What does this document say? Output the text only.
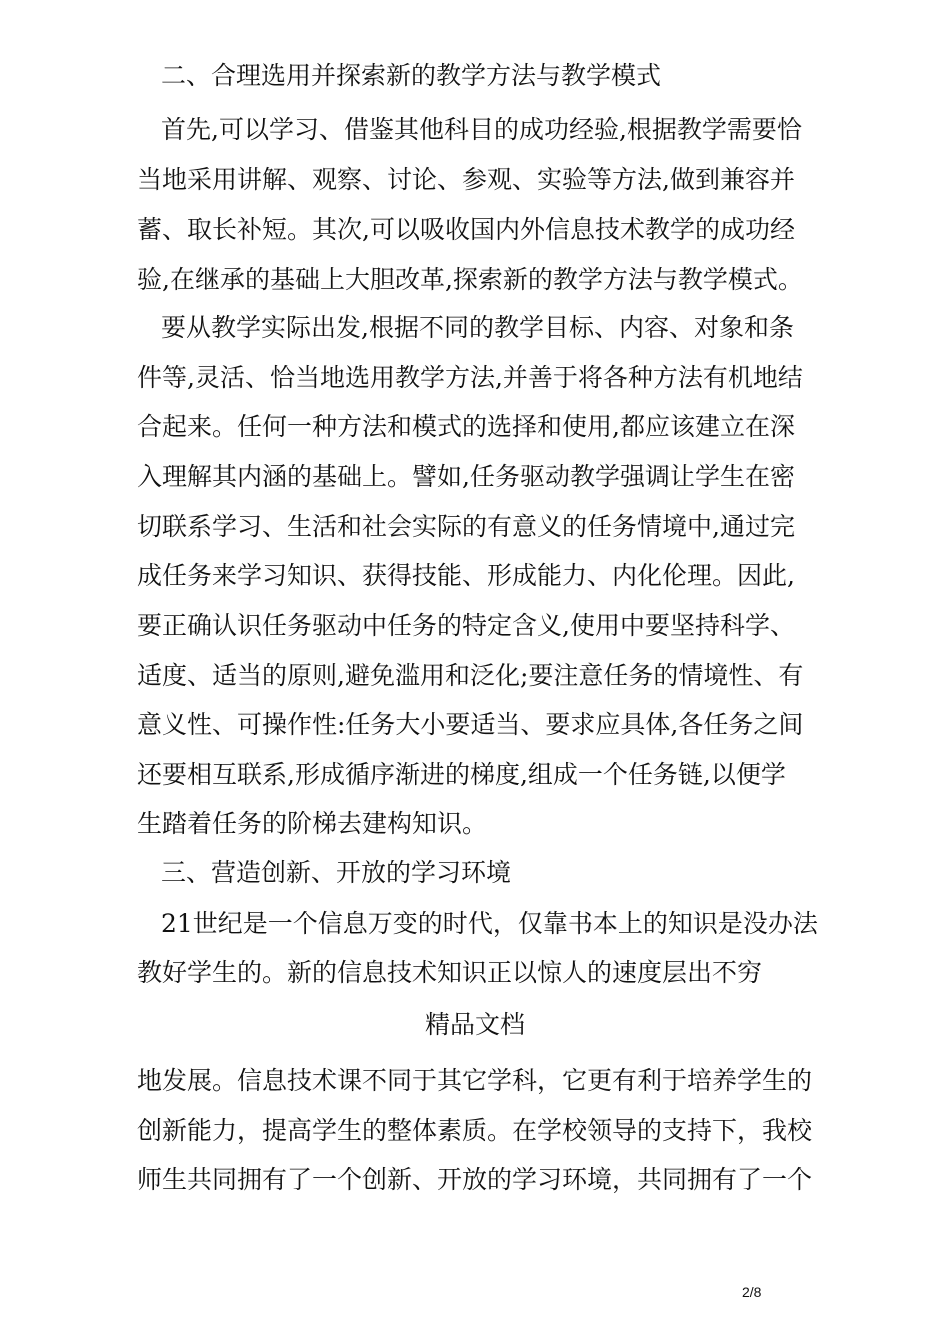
二、合理选用并探索新的教学方法与教学模式
首先,可以学习、借鉴其他科目的成功经验,根据教学需要恰
当地采用讲解、观察、讨论、参观、实验等方法,做到兼容并
蓄、取长补短。其次,可以吸收国内外信息技术教学的成功经
验,在继承的基础上大胆改革,探索新的教学方法与教学模式。
要从教学实际出发,根据不同的教学目标、内容、对象和条
件等,灵活、恰当地选用教学方法,并善于将各种方法有机地结
合起来。任何一种方法和模式的选择和使用,都应该建立在深
入理解其内涵的基础上。譬如,任务驱动教学强调让学生在密
切联系学习、生活和社会实际的有意义的任务情境中,通过完
成任务来学习知识、获得技能、形成能力、内化伦理。因此,
要正确认识任务驱动中任务的特定含义,使用中要坚持科学、
适度、适当的原则,避免滥用和泛化;要注意任务的情境性、有
意义性、可操作性:任务大小要适当、要求应具体,各任务之间
还要相互联系,形成循序渐进的梯度,组成一个任务链,以便学
生踏着任务的阶梯去建构知识。
三、营造创新、开放的学习环境
21世纪是一个信息万变的时代，仅靠书本上的知识是没办法
教好学生的。新的信息技术知识正以惊人的速度层出不穷
精品文档
地发展。信息技术课不同于其它学科，它更有利于培养学生的
创新能力，提高学生的整体素质。在学校领导的支持下，我校
师生共同拥有了一个创新、开放的学习环境，共同拥有了一个
2/8
